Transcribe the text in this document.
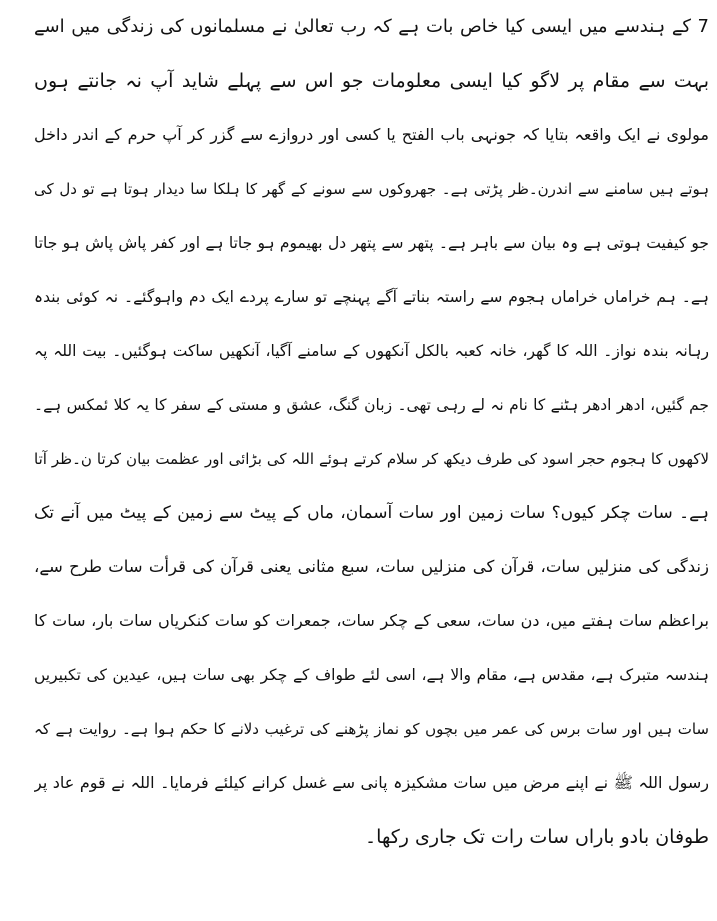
7 کے ہندسے میں ایسی کیا خاص بات ہے کہ رب تعالیٰ نے مسلمانوں کی زندگی میں اسے
بہت سے مقام پر لاگو کیا ایسی معلومات جو اس سے پہلے شاید آپ نہ جانتے ہوں
مولوی نے ایک واقعہ بتایا کہ جونہی باب الفتح یا کسی اور دروازے سے گزر کر آپ حرم کے اندر داخل
ہوتے ہیں سامنے سے اندرن۔ظر پڑتی ہے۔ جھروکوں سے سونے کے گھر کا ہلکا سا دیدار ہوتا ہے تو دل کی
جو کیفیت ہوتی ہے وہ بیان سے باہر ہے۔ پتھر سے پتھر دل بھیموم ہو جاتا ہے اور کفر پاش پاش ہو جاتا
ہے۔ ہم خراماں خراماں ہجوم سے راستہ بناتے آگے پہنچے تو سارے پردے ایک دم واہوگئے۔ نہ کوئی بندہ
رہانہ بندہ نواز۔ اللہ کا گھر، خانہ کعبہ بالکل آنکھوں کے سامنے آگیا، آنکھیں ساکت ہوگئیں۔ بیت اللہ پہ
جم گئیں، ادھر ادھر ہٹنے کا نام نہ لے رہی تھی۔ زبان گنگ، عشق و مستی کے سفر کا یہ کلا ئمکس ہے۔
لاکھوں کا ہجوم حجر اسود کی طرف دیکھ کر سلام کرتے ہوئے اللہ کی بڑائی اور عظمت بیان کرتا ن۔ظر آتا
ہے۔ سات چکر کیوں؟ سات زمین اور سات آسمان، ماں کے پیٹ سے زمین کے پیٹ میں آنے تک
زندگی کی منزلیں سات، قرآن کی منزلیں سات، سبع مثانی یعنی قرآن کی قرأت سات طرح سے،
براعظم سات ہفتے میں، دن سات، سعی کے چکر سات، جمعرات کو سات کنکریاں سات بار، سات کا
ہندسہ متبرک ہے، مقدس ہے، مقام والا ہے، اسی لئے طواف کے چکر بھی سات ہیں، عیدین کی تکبیریں
سات ہیں اور سات برس کی عمر میں بچوں کو نماز پڑھنے کی ترغیب دلانے کا حکم ہوا ہے۔ روایت ہے کہ
رسول اللہ ﷺ نے اپنے مرض میں سات مشکیزہ پانی سے غسل کرانے کیلئے فرمایا۔ اللہ نے قوم عاد پر
طوفان بادو باراں سات رات تک جاری رکھا۔
